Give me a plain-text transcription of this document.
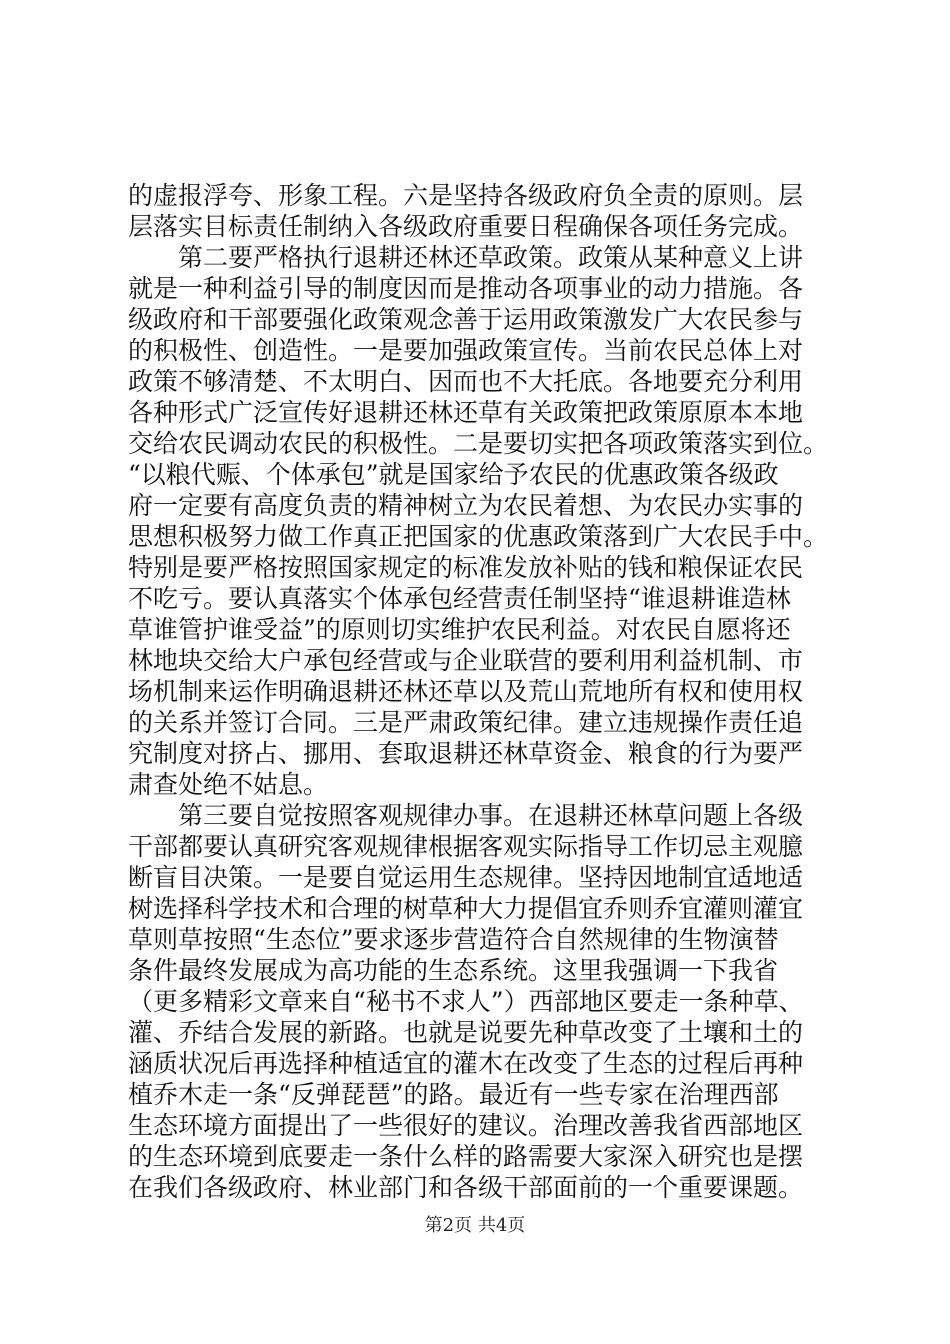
的虚报浮夸、形象工程。六是坚持各级政府负全责的原则。层
层落实目标责任制纳入各级政府重要日程确保各项任务完成。
第二要严格执行退耕还林还草政策。政策从某种意义上讲
就是一种利益引导的制度因而是推动各项事业的动力措施。各
级政府和干部要强化政策观念善于运用政策激发广大农民参与
的积极性、创造性。一是要加强政策宣传。当前农民总体上对
政策不够清楚、不太明白、因而也不大托底。各地要充分利用
各种形式广泛宣传好退耕还林还草有关政策把政策原原本本地
交给农民调动农民的积极性。二是要切实把各项政策落实到位。
“以粮代赈、个体承包”就是国家给予农民的优惠政策各级政
府一定要有高度负责的精神树立为农民着想、为农民办实事的
思想积极努力做工作真正把国家的优惠政策落到广大农民手中。
特别是要严格按照国家规定的标准发放补贴的钱和粮保证农民
不吃亏。要认真落实个体承包经营责任制坚持“谁退耕谁造林
草谁管护谁受益”的原则切实维护农民利益。对农民自愿将还
林地块交给大户承包经营或与企业联营的要利用利益机制、市
场机制来运作明确退耕还林还草以及荒山荒地所有权和使用权
的关系并签订合同。三是严肃政策纪律。建立违规操作责任追
究制度对挤占、挪用、套取退耕还林草资金、粮食的行为要严
肃查处绝不姑息。
第三要自觉按照客观规律办事。在退耕还林草问题上各级
干部都要认真研究客观规律根据客观实际指导工作切忌主观臆
断盲目决策。一是要自觉运用生态规律。坚持因地制宜适地适
树选择科学技术和合理的树草种大力提倡宜乔则乔宜灌则灌宜
草则草按照“生态位”要求逐步营造符合自然规律的生物演替
条件最终发展成为高功能的生态系统。这里我强调一下我省
（更多精彩文章来自“秘书不求人”）西部地区要走一条种草、
灌、乔结合发展的新路。也就是说要先种草改变了土壤和土的
涵质状况后再选择种植适宜的灌木在改变了生态的过程后再种
植乔木走一条“反弹琵琶”的路。最近有一些专家在治理西部
生态环境方面提出了一些很好的建议。治理改善我省西部地区
的生态环境到底要走一条什么样的路需要大家深入研究也是摆
在我们各级政府、林业部门和各级干部面前的一个重要课题。
第2页 共4页
